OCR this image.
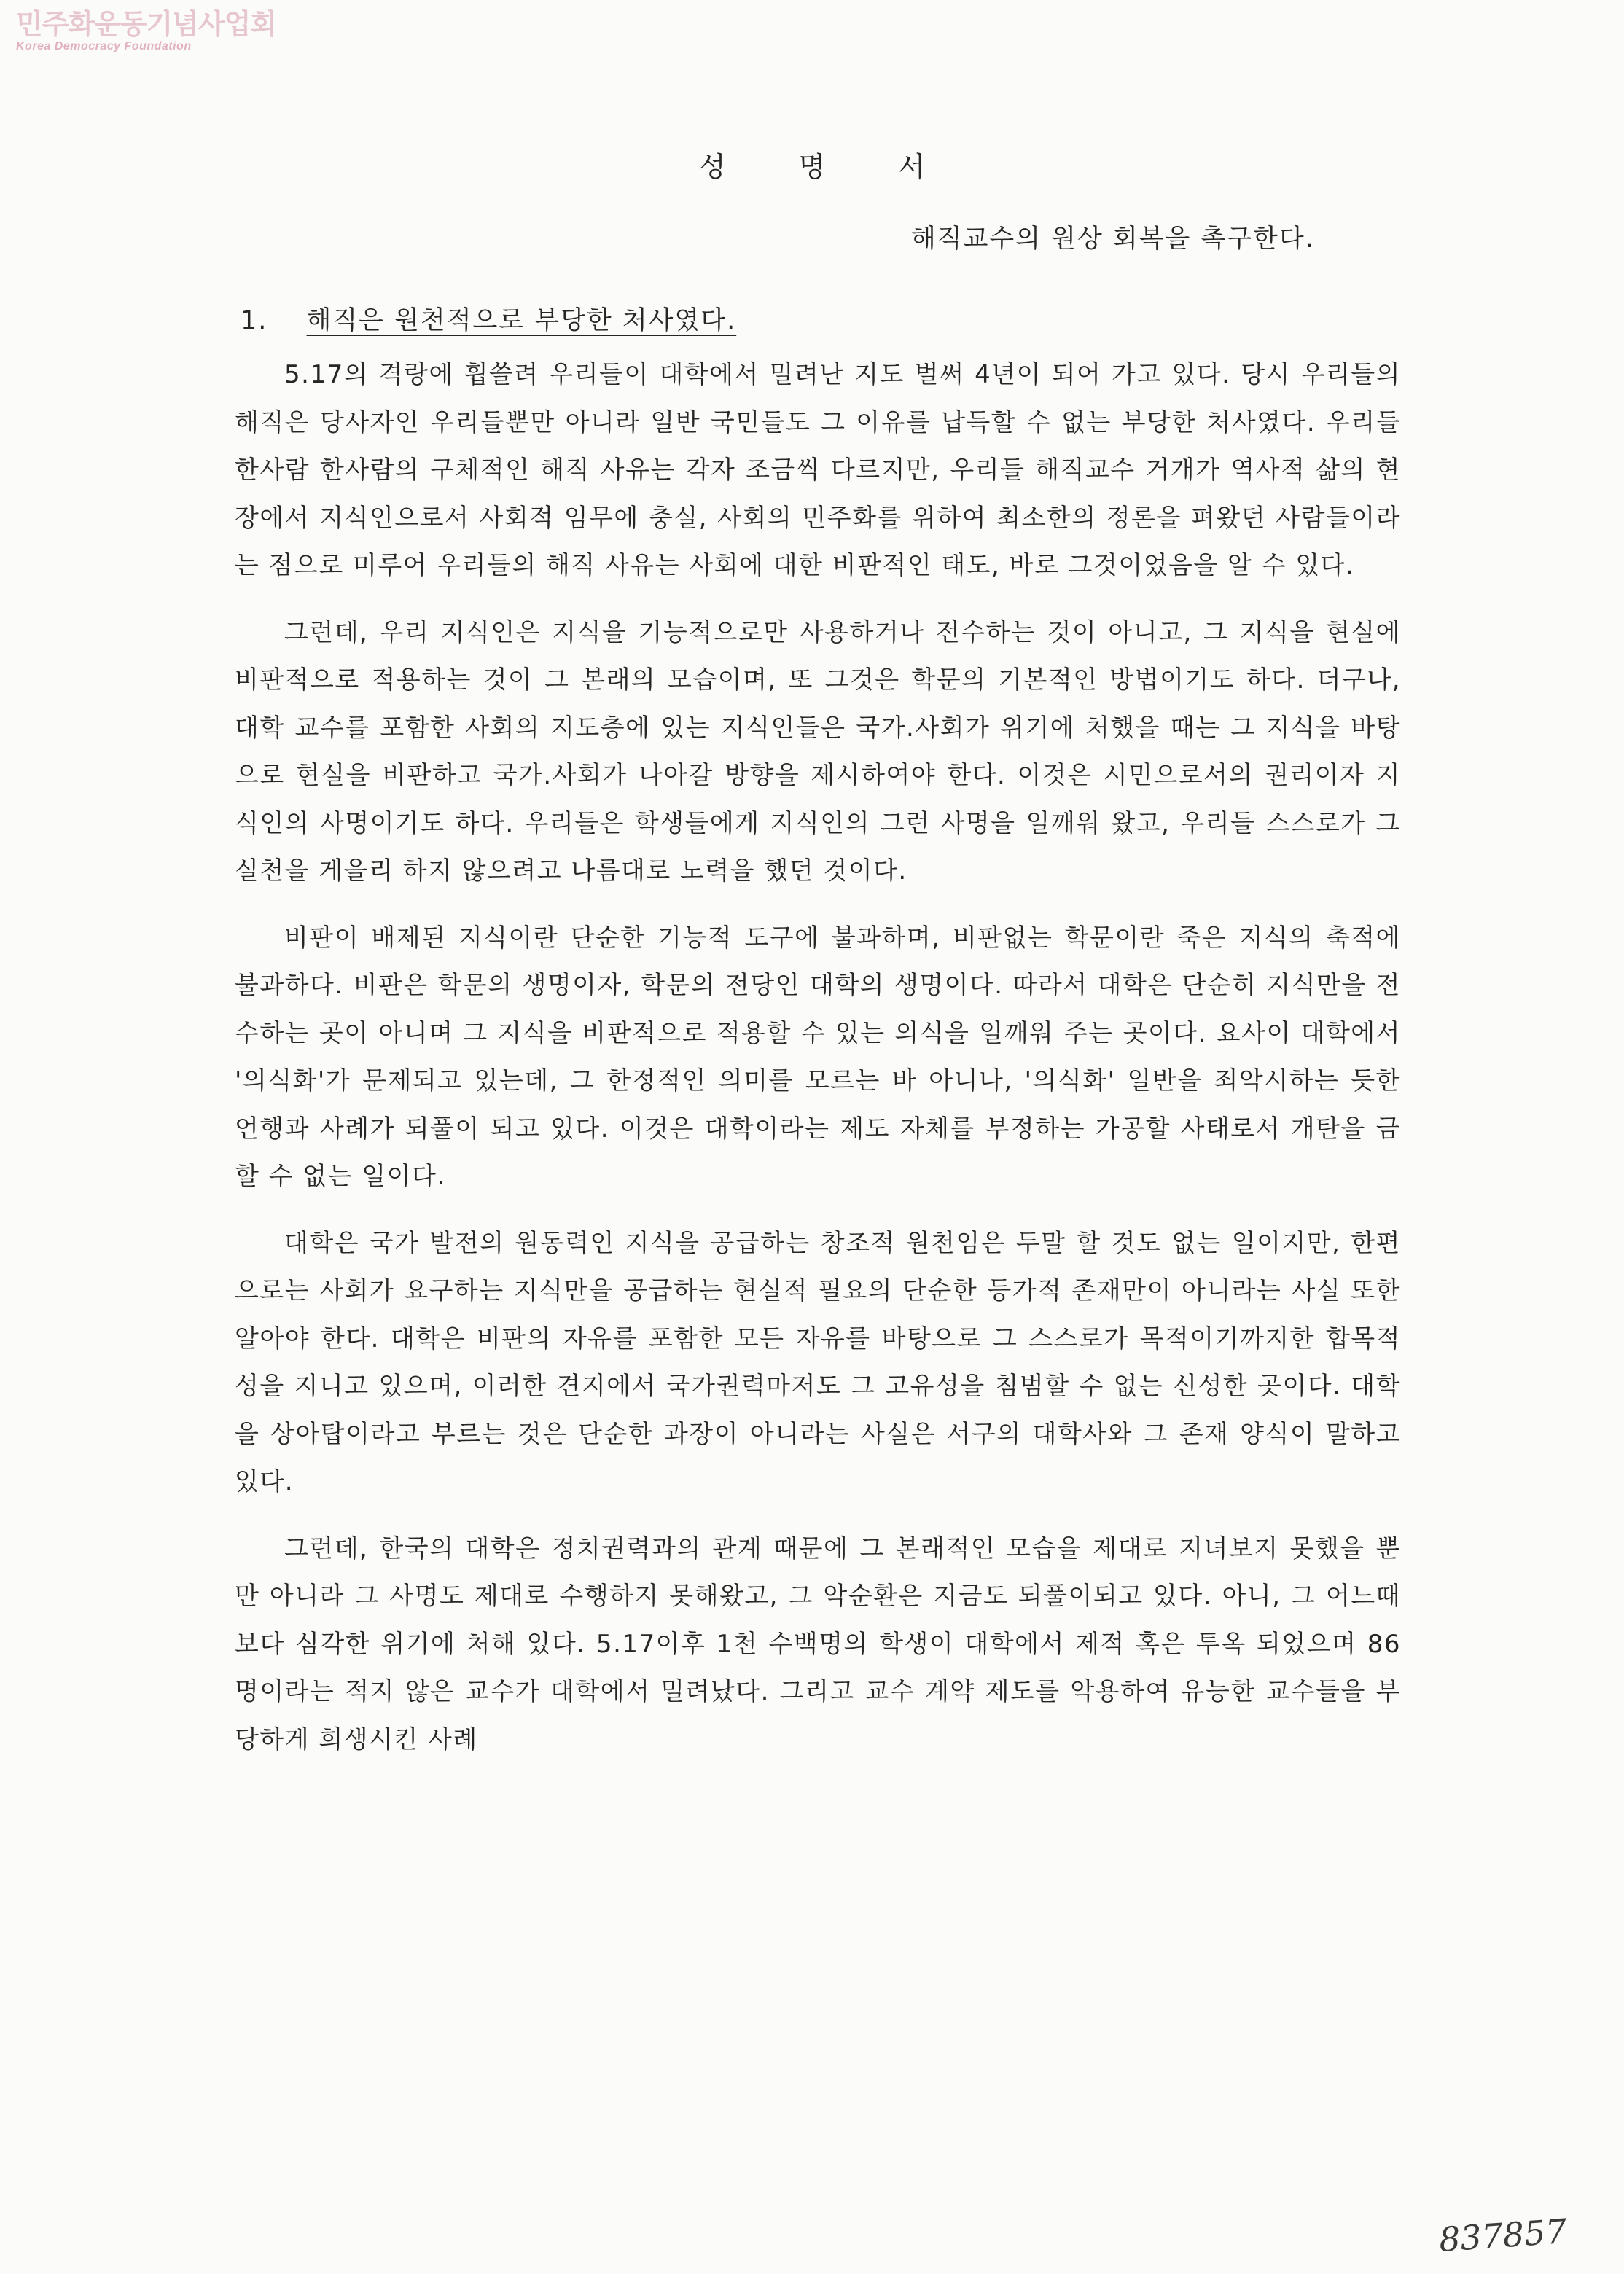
민주화운동기념사업회
Korea Democracy Foundation
성	명	서
해직교수의 원상 회복을 촉구한다.
1. 해직은 원천적으로 부당한 처사였다.

5.17의 격랑에 휩쓸려 우리들이 대학에서 밀려난 지도 벌써 4년이 되어 가고 있다. 당시 우리들의 해직은 당사자인 우리들뿐만 아니라 일반 국민들도 그 이유를 납득할 수 없는 부당한 처사였다. 우리들 한사람 한사람의 구체적인 해직 사유는 각자 조금씩 다르지만, 우리들 해직교수 거개가 역사적 삶의 현장에서 지식인으로서 사회적 임무에 충실, 사회의 민주화를 위하여 최소한의 정론을 펴왔던 사람들이라는 점으로 미루어 우리들의 해직 사유는 사회에 대한 비판적인 태도, 바로 그것이었음을 알 수 있다.

그런데, 우리 지식인은 지식을 기능적으로만 사용하거나 전수하는 것이 아니고, 그 지식을 현실에 비판적으로 적용하는 것이 그 본래의 모습이며, 또 그것은 학문의 기본적인 방법이기도 하다. 더구나, 대학 교수를 포함한 사회의 지도층에 있는 지식인들은 국가.사회가 위기에 처했을 때는 그 지식을 바탕으로 현실을 비판하고 국가.사회가 나아갈 방향을 제시하여야 한다. 이것은 시민으로서의 권리이자 지식인의 사명이기도 하다. 우리들은 학생들에게 지식인의 그런 사명을 일깨워 왔고, 우리들 스스로가 그 실천을 게을리 하지 않으려고 나름대로 노력을 했던 것이다.

비판이 배제된 지식이란 단순한 기능적 도구에 불과하며, 비판없는 학문이란 죽은 지식의 축적에 불과하다. 비판은 학문의 생명이자, 학문의 전당인 대학의 생명이다. 따라서 대학은 단순히 지식만을 전수하는 곳이 아니며 그 지식을 비판적으로 적용할 수 있는 의식을 일깨워 주는 곳이다. 요사이 대학에서 '의식화'가 문제되고 있는데, 그 한정적인 의미를 모르는 바 아니나, '의식화' 일반을 죄악시하는 듯한 언행과 사례가 되풀이 되고 있다. 이것은 대학이라는 제도 자체를 부정하는 가공할 사태로서 개탄을 금할 수 없는 일이다.

대학은 국가 발전의 원동력인 지식을 공급하는 창조적 원천임은 두말 할 것도 없는 일이지만, 한편으로는 사회가 요구하는 지식만을 공급하는 현실적 필요의 단순한 등가적 존재만이 아니라는 사실 또한 알아야 한다. 대학은 비판의 자유를 포함한 모든 자유를 바탕으로 그 스스로가 목적이기까지한 합목적성을 지니고 있으며, 이러한 견지에서 국가권력마저도 그 고유성을 침범할 수 없는 신성한 곳이다. 대학을 상아탑이라고 부르는 것은 단순한 과장이 아니라는 사실은 서구의 대학사와 그 존재 양식이 말하고 있다.

그런데, 한국의 대학은 정치권력과의 관계 때문에 그 본래적인 모습을 제대로 지녀보지 못했을 뿐만 아니라 그 사명도 제대로 수행하지 못해왔고, 그 악순환은 지금도 되풀이되고 있다. 아니, 그 어느때보다 심각한 위기에 처해 있다. 5.17이후 1천 수백명의 학생이 대학에서 제적 혹은 투옥 되었으며 86명이라는 적지 않은 교수가 대학에서 밀려났다. 그리고 교수 계약 제도를 악용하여 유능한 교수들을 부당하게 희생시킨 사례

837857
